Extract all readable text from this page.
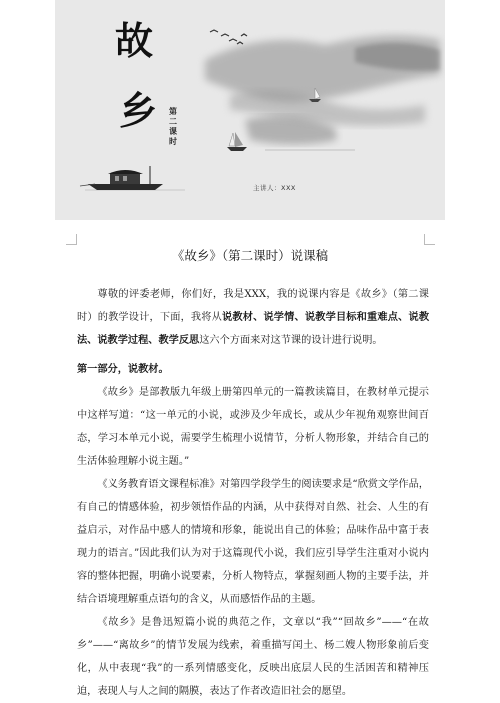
故
乡 第二课时
主讲人：XXX
《故乡》（第二课时）说课稿

尊敬的评委老师，你们好，我是XXX，我的说课内容是《故乡》（第二课时）的教学设计，下面，我将从说教材、说学情、说教学目标和重难点、说教法、说教学过程、教学反思这六个方面来对这节课的设计进行说明。

第一部分，说教材。

《故乡》是部教版九年级上册第四单元的一篇教读篇目，在教材单元提示中这样写道：“这一单元的小说，或涉及少年成长，或从少年视角观察世间百态，学习本单元小说，需要学生梳理小说情节，分析人物形象，并结合自己的生活体验理解小说主题。”

《义务教育语文课程标准》对第四学段学生的阅读要求是“欣赏文学作品，有自己的情感体验，初步领悟作品的内涵，从中获得对自然、社会、人生的有益启示，对作品中感人的情境和形象，能说出自己的体验；品味作品中富于表现力的语言。”因此我们认为对于这篇现代小说，我们应引导学生注重对小说内容的整体把握，明确小说要素，分析人物特点，掌握刻画人物的主要手法，并结合语境理解重点语句的含义，从而感悟作品的主题。

《故乡》是鲁迅短篇小说的典范之作，文章以“我”“回故乡”——“在故乡”——“离故乡”的情节发展为线索，着重描写闰土、杨二嫂人物形象前后变化，从中表现“我”的一系列情感变化，反映出底层人民的生活困苦和精神压迫，表现人与人之间的隔膜，表达了作者改造旧社会的愿望。
